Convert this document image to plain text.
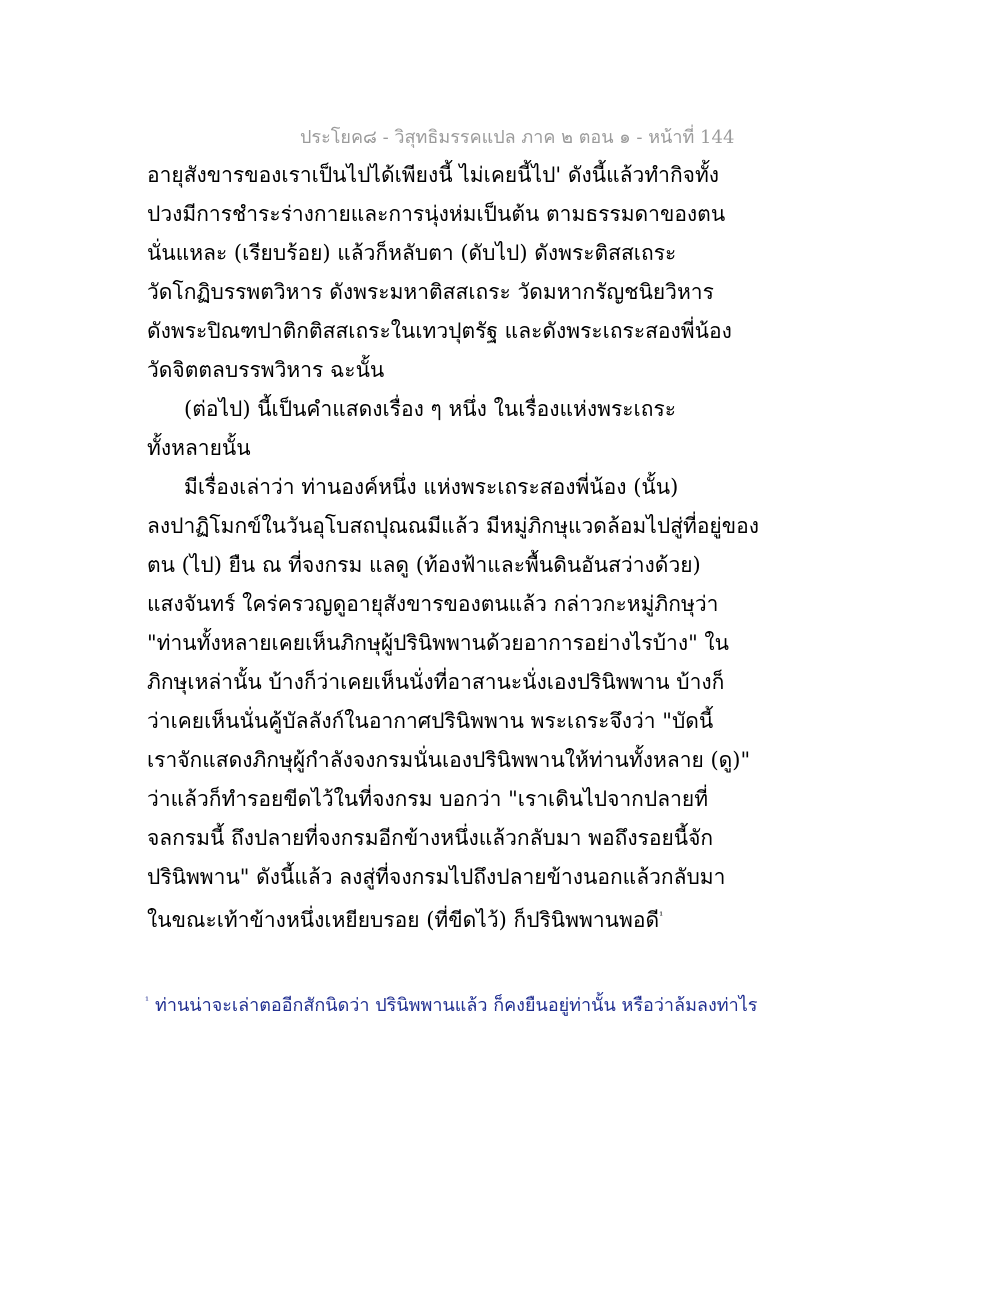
ประโยค๘ - วิสุทธิมรรคแปล ภาค ๒ ตอน ๑ - หน้าที่ 144
อายุสังขารของเราเป็นไปได้เพียงนี้ ไม่เคยนี้ไป' ดังนี้แล้วทำกิจทั้ง
ปวงมีการชำระร่างกายและการนุ่งห่มเป็นต้น ตามธรรมดาของตน
นั่นแหละ (เรียบร้อย) แล้วก็หลับตา (ดับไป) ดังพระติสสเถระ
วัดโกฏิบรรพตวิหาร ดังพระมหาติสสเถระ วัดมหากรัญชนิยวิหาร
ดังพระปิณฑปาติกติสสเถระในเทวปุตรัฐ และดังพระเถระสองพี่น้อง
วัดจิตตลบรรพวิหาร ฉะนั้น
(ต่อไป) นี้เป็นคำแสดงเรื่อง ๆ หนึ่ง ในเรื่องแห่งพระเถระ
ทั้งหลายนั้น
มีเรื่องเล่าว่า ท่านองค์หนึ่ง แห่งพระเถระสองพี่น้อง (นั้น)
ลงปาฏิโมกข์ในวันอุโบสถปุณณมีแล้ว มีหมู่ภิกษุแวดล้อมไปสู่ที่อยู่ของ
ตน (ไป) ยืน ณ ที่จงกรม แลดู (ท้องฟ้าและพื้นดินอันสว่างด้วย)
แสงจันทร์ ใคร่ครวญดูอายุสังขารของตนแล้ว กล่าวกะหมู่ภิกษุว่า
"ท่านทั้งหลายเคยเห็นภิกษุผู้ปรินิพพานด้วยอาการอย่างไรบ้าง" ใน
ภิกษุเหล่านั้น บ้างก็ว่าเคยเห็นนั่งที่อาสานะนั่งเองปรินิพพาน บ้างก็
ว่าเคยเห็นนั่นคู้บัลลังก์ในอากาศปรินิพพาน พระเถระจึงว่า "บัดนี้
เราจักแสดงภิกษุผู้กำลังจงกรมนั่นเองปรินิพพานให้ท่านทั้งหลาย (ดู)"
ว่าแล้วก็ทำรอยขีดไว้ในที่จงกรม บอกว่า "เราเดินไปจากปลายที่
จลกรมนี้ ถึงปลายที่จงกรมอีกข้างหนึ่งแล้วกลับมา พอถึงรอยนี้จัก
ปรินิพพาน" ดังนี้แล้ว ลงสู่ที่จงกรมไปถึงปลายข้างนอกแล้วกลับมา
ในขณะเท้าข้างหนึ่งเหยียบรอย (ที่ขีดไว้) ก็ปรินิพพานพอดี$^{^1}$
$^{^1}$ ท่านน่าจะเล่าตออีกสักนิดว่า ปรินิพพานแล้ว ก็คงยืนอยู่ท่านั้น หรือว่าล้มลงท่าไร
